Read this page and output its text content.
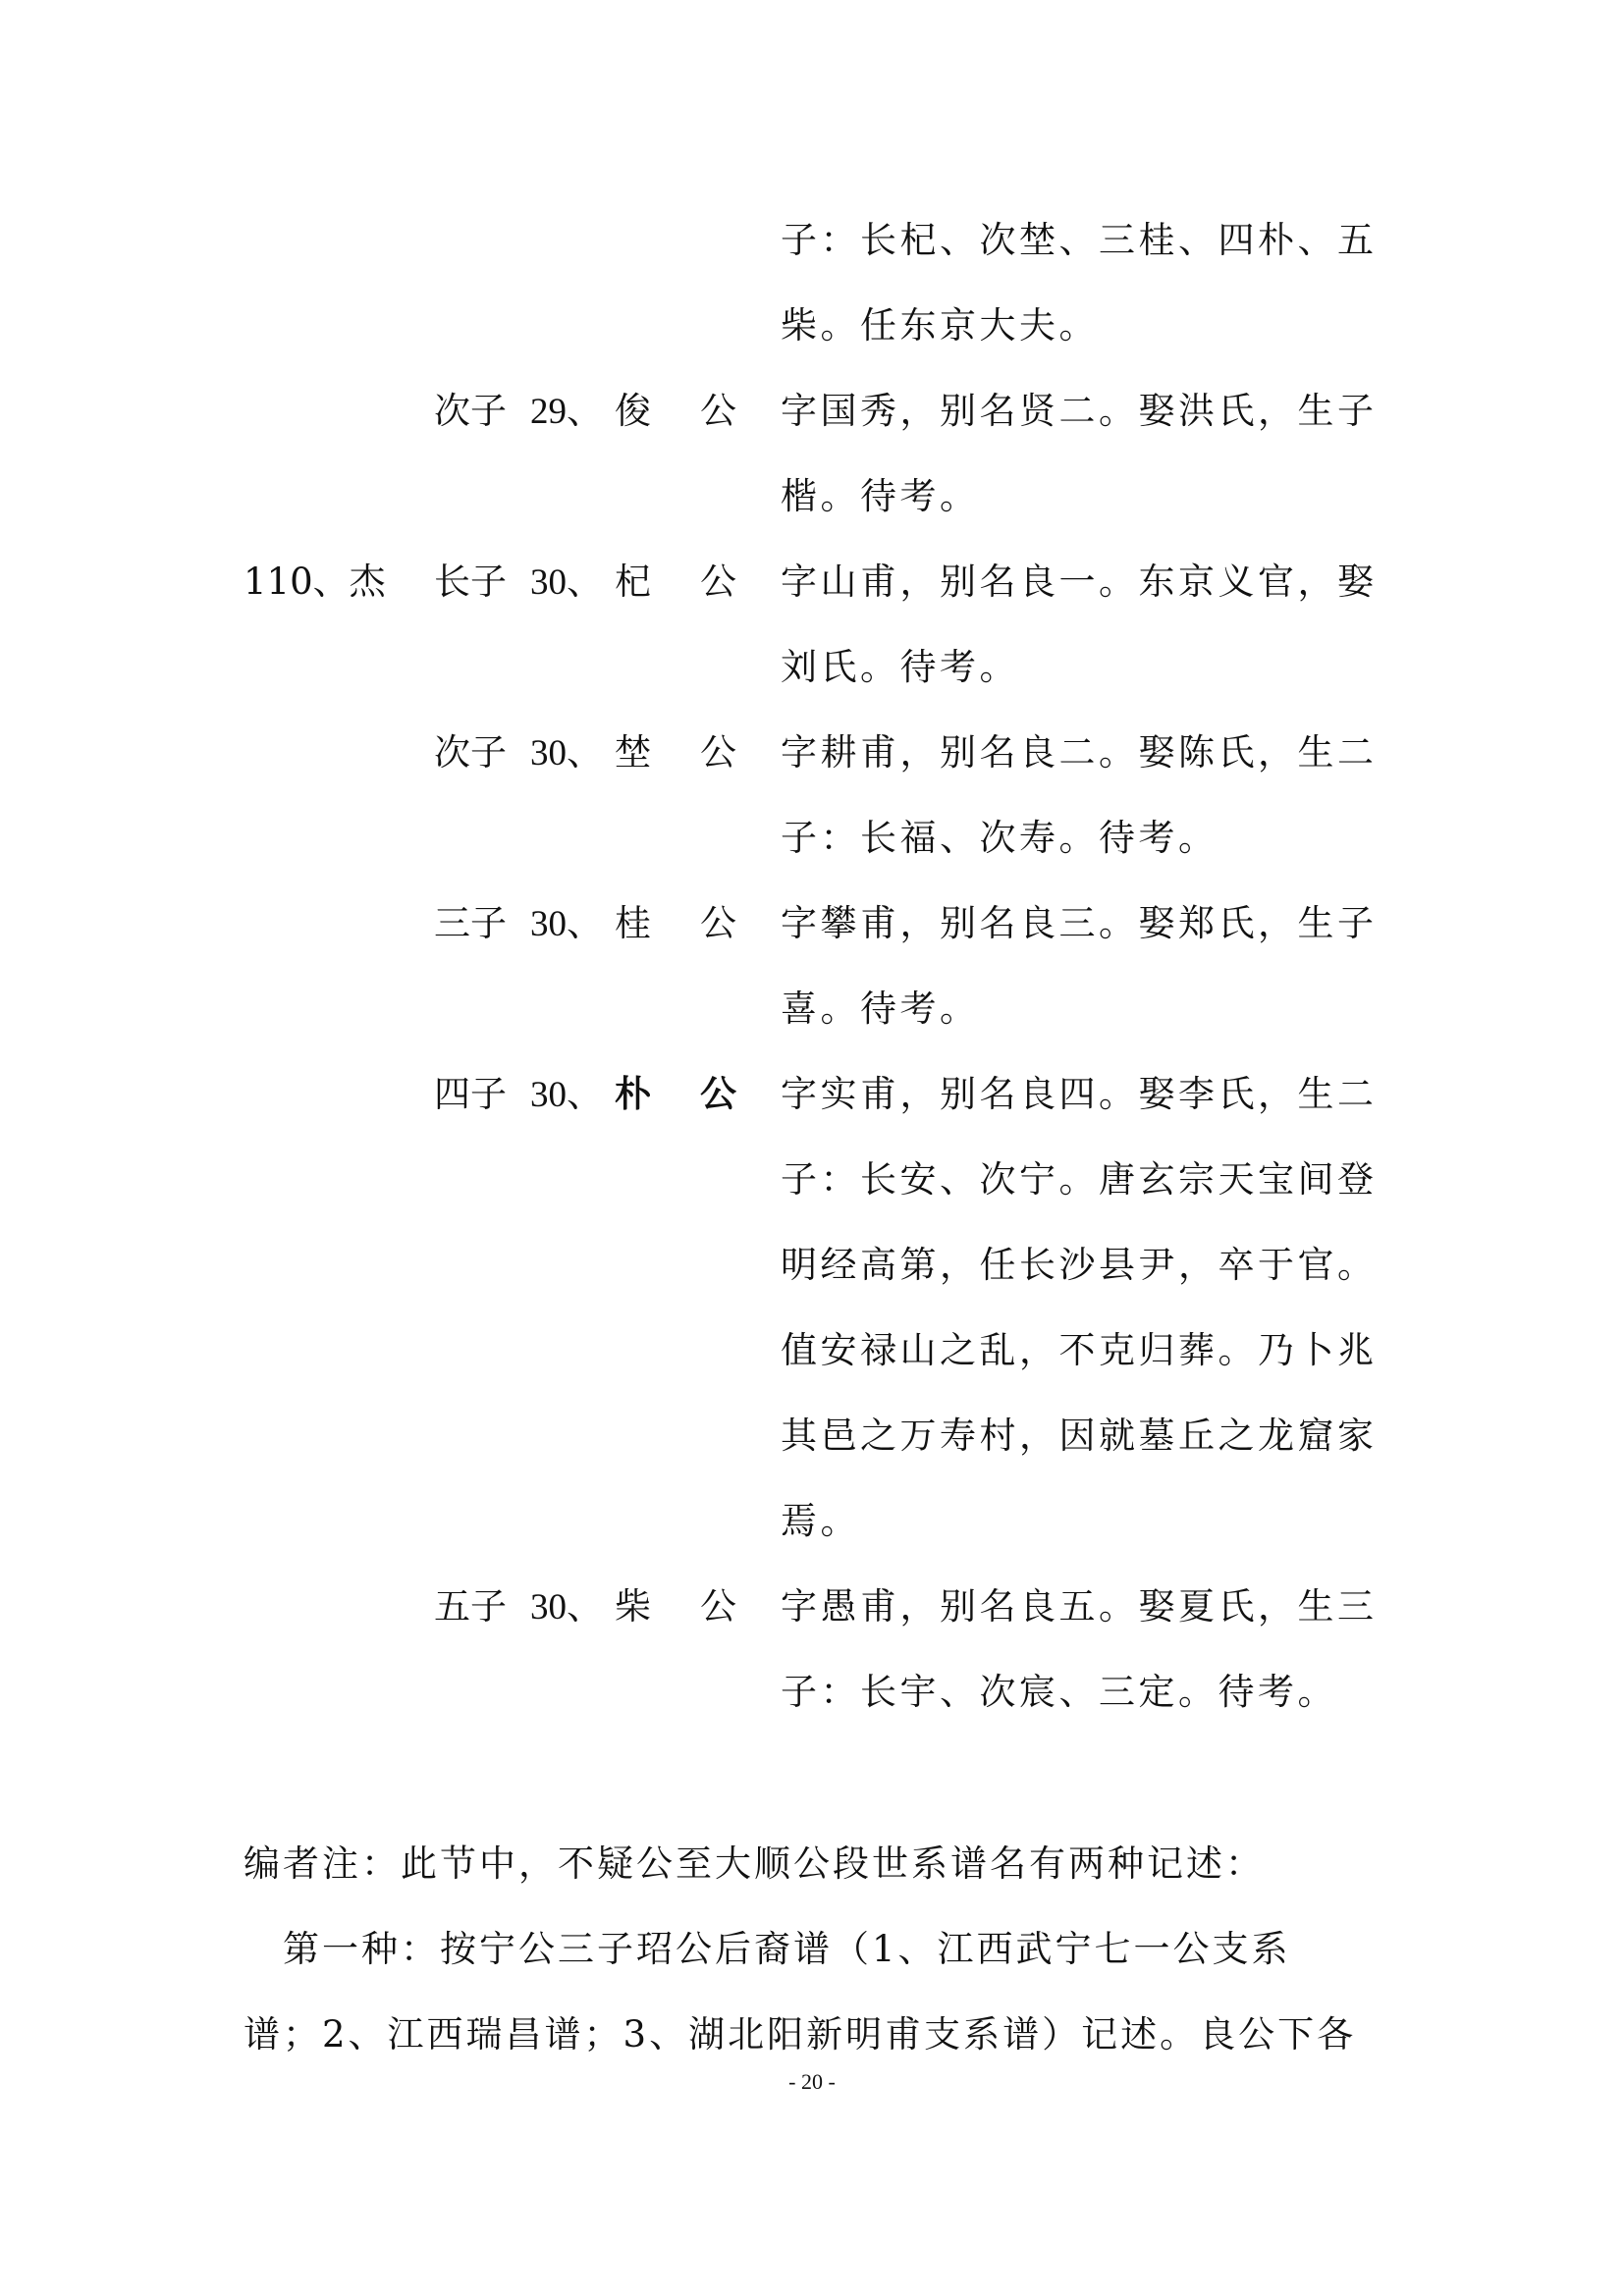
子：长杞、次埜、三桂、四朴、五

柴。任东京大夫。

次子 29、 俊 公 字国秀，别名贤二。娶洪氏，生子

楷。待考。

110、杰 长子 30、 杞 公 字山甫，别名良一。东京义官，娶

刘氏。待考。

次子 30、 埜 公 字耕甫，别名良二。娶陈氏，生二

子：长福、次寿。待考。

三子 30、 桂 公 字攀甫，别名良三。娶郑氏，生子

喜。待考。

四子 30、 朴 公 字实甫，别名良四。娶李氏，生二

子：长安、次宁。唐玄宗天宝间登

明经高第，任长沙县尹，卒于官。

值安禄山之乱，不克归葬。乃卜兆

其邑之万寿村，因就墓丘之龙窟家

焉。

五子 30、 柴 公 字愚甫，别名良五。娶夏氏，生三

子：长宇、次宸、三定。待考。

编者注：此节中，不疑公至大顺公段世系谱名有两种记述：

　第一种：按宁公三子玿公后裔谱（1、江西武宁七一公支系

谱；2、江西瑞昌谱；3、湖北阳新明甫支系谱）记述。良公下各

- 20 -
